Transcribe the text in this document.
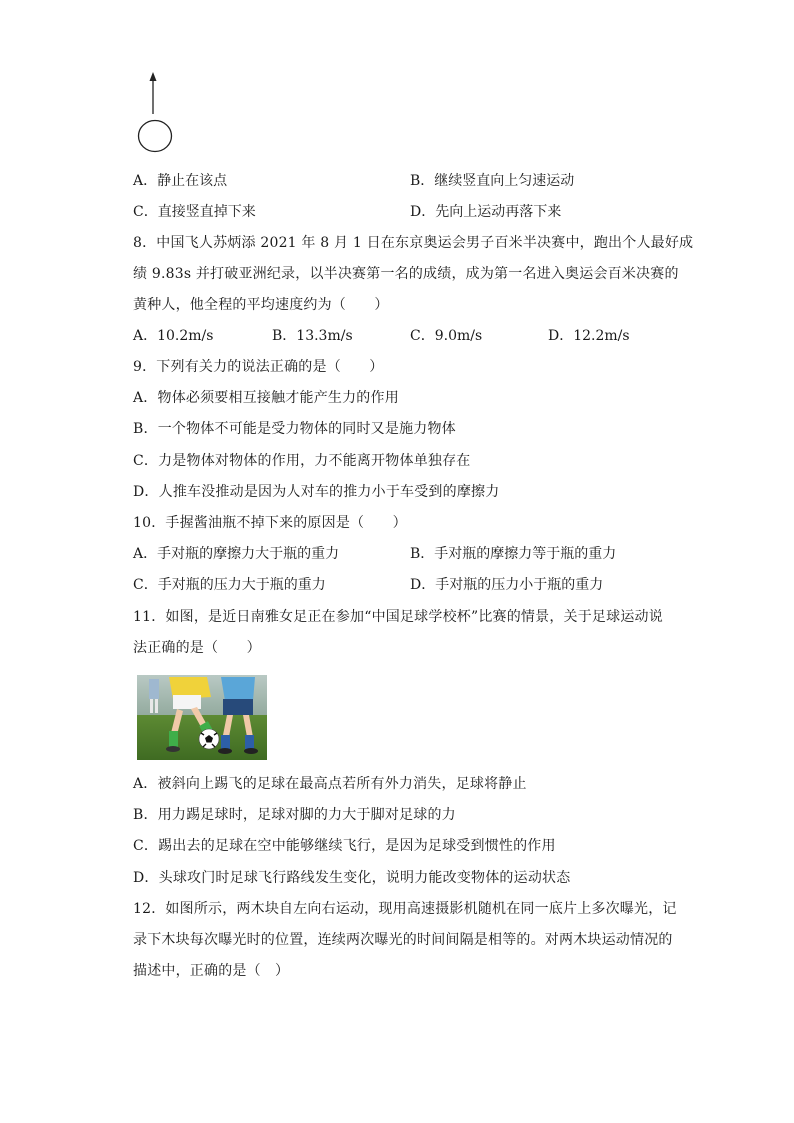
A．静止在该点	B．继续竖直向上匀速运动
C．直接竖直掉下来	D．先向上运动再落下来
8．中国飞人苏炳添 2021 年 8 月 1 日在东京奥运会男子百米半决赛中，跑出个人最好成
绩 9.83s 并打破亚洲纪录，以半决赛第一名的成绩，成为第一名进入奥运会百米决赛的
黄种人，他全程的平均速度约为（　　）
A．10.2m/s	B．13.3m/s	C．9.0m/s	D．12.2m/s
9．下列有关力的说法正确的是（　　）
A．物体必须要相互接触才能产生力的作用
B．一个物体不可能是受力物体的同时又是施力物体
C．力是物体对物体的作用，力不能离开物体单独存在
D．人推车没推动是因为人对车的推力小于车受到的摩擦力
10．手握酱油瓶不掉下来的原因是（　　）
A．手对瓶的摩擦力大于瓶的重力	B．手对瓶的摩擦力等于瓶的重力
C．手对瓶的压力大于瓶的重力	D．手对瓶的压力小于瓶的重力
11．如图，是近日南雅女足正在参加“中国足球学校杯”比赛的情景，关于足球运动说
法正确的是（　　）
A．被斜向上踢飞的足球在最高点若所有外力消失，足球将静止
B．用力踢足球时，足球对脚的力大于脚对足球的力
C．踢出去的足球在空中能够继续飞行，是因为足球受到惯性的作用
D．头球攻门时足球飞行路线发生变化，说明力能改变物体的运动状态
12．如图所示，两木块自左向右运动，现用高速摄影机随机在同一底片上多次曝光，记
录下木块每次曝光时的位置，连续两次曝光的时间间隔是相等的。对两木块运动情况的
描述中，正确的是（　）
